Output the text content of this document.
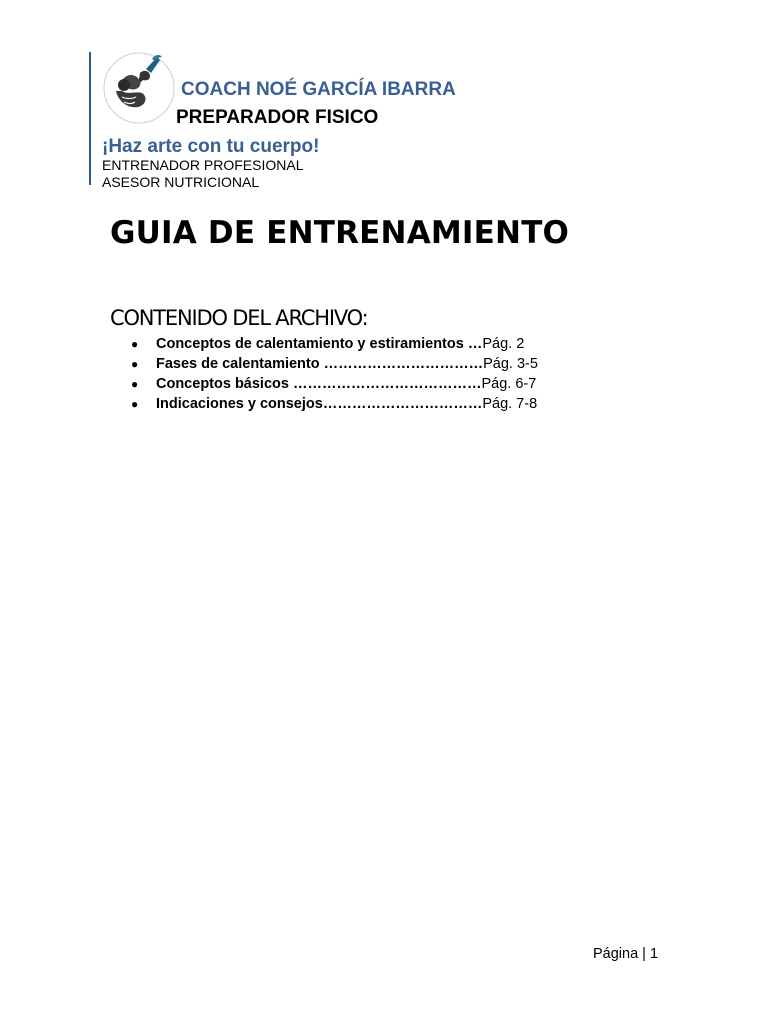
COACH NOÉ GARCÍA IBARRA
PREPARADOR FISICO
¡Haz arte con tu cuerpo!
ENTRENADOR PROFESIONAL
ASESOR NUTRICIONAL
GUIA DE ENTRENAMIENTO
CONTENIDO DEL ARCHIVO:
● Conceptos de calentamiento y estiramientos …Pág. 2
● Fases de calentamiento ……………………………Pág. 3-5
● Conceptos básicos …………………………………Pág. 6-7
● Indicaciones y consejos……………………………Pág. 7-8
Página | 1
